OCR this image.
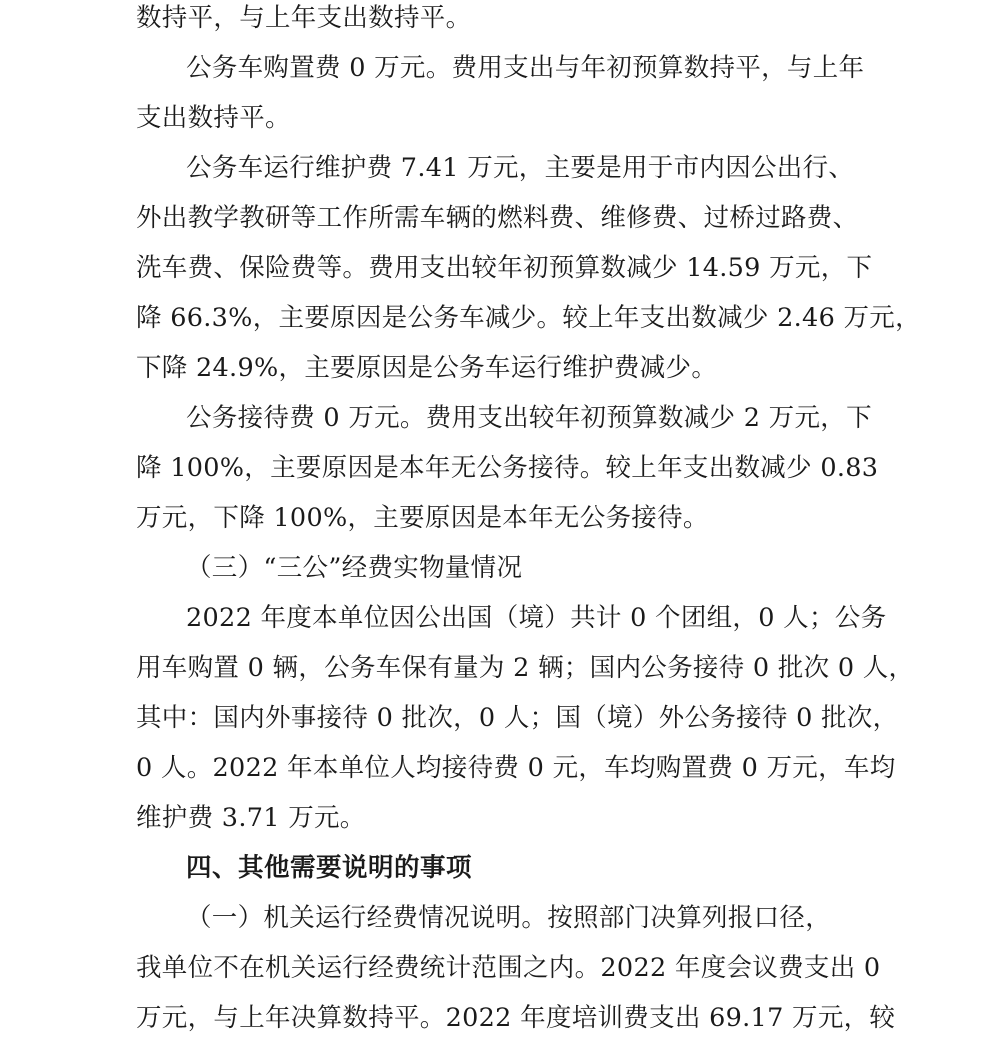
数持平，与上年支出数持平。
公务车购置费 0 万元。费用支出与年初预算数持平，与上年
支出数持平。
公务车运行维护费 7.41 万元，主要是用于市内因公出行、
外出教学教研等工作所需车辆的燃料费、维修费、过桥过路费、
洗车费、保险费等。费用支出较年初预算数减少 14.59 万元，下
降 66.3%，主要原因是公务车减少。较上年支出数减少 2.46 万元，
下降 24.9%，主要原因是公务车运行维护费减少。
公务接待费 0 万元。费用支出较年初预算数减少 2 万元，下
降 100%，主要原因是本年无公务接待。较上年支出数减少 0.83
万元，下降 100%，主要原因是本年无公务接待。
（三）“三公”经费实物量情况
2022 年度本单位因公出国（境）共计 0 个团组，0 人；公务
用车购置 0 辆，公务车保有量为 2 辆；国内公务接待 0 批次 0 人，
其中：国内外事接待 0 批次，0 人；国（境）外公务接待 0 批次，
0 人。2022 年本单位人均接待费 0 元，车均购置费 0 万元，车均
维护费 3.71 万元。
四、其他需要说明的事项
（一）机关运行经费情况说明。按照部门决算列报口径，
我单位不在机关运行经费统计范围之内。2022 年度会议费支出 0
万元，与上年决算数持平。2022 年度培训费支出 69.17 万元，较
